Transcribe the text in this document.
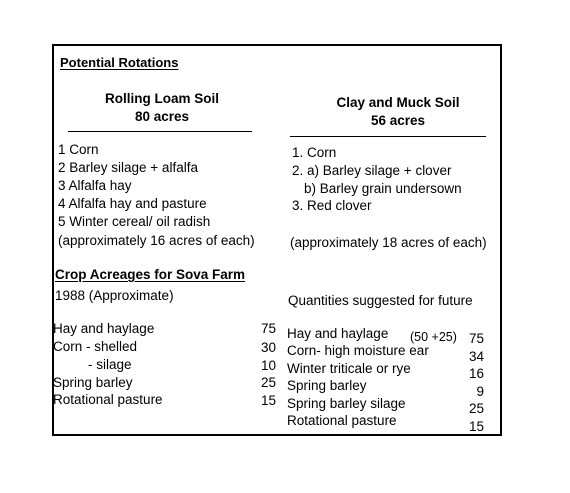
Potential Rotations
Rolling Loam Soil
80 acres
Clay and Muck Soil
56 acres
1 Corn
2 Barley silage + alfalfa
3 Alfalfa hay
4 Alfalfa hay and pasture
5 Winter cereal/ oil radish
(approximately 16 acres of each)
1. Corn
2. a) Barley silage + clover
b) Barley grain undersown
3. Red clover
(approximately 18 acres of each)
Crop Acreages for Sova Farm
1988 (Approximate)	Quantities suggested for future
Hay and haylage	75
Corn - shelled	30
- silage	10
Spring barley	25
Rotational pasture	15
Hay and haylage (50 +25) 75
Corn- high moisture ear	34
Winter triticale or rye	16
Spring barley	9
Spring barley silage	25
Rotational pasture	15
